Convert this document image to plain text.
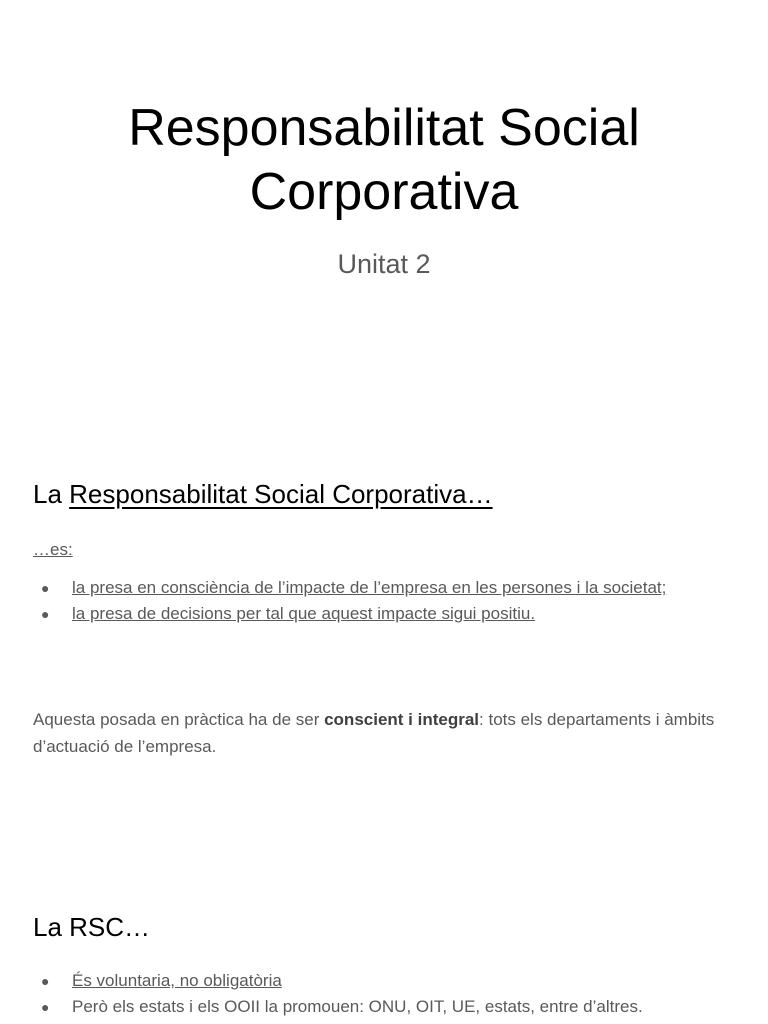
Responsabilitat Social
Corporativa
Unitat 2
La Responsabilitat Social Corporativa…
…es:
● la presa en consciència de l’impacte de l’empresa en les persones i la societat;
● la presa de decisions per tal que aquest impacte sigui positiu.
Aquesta posada en pràctica ha de ser conscient i integral: tots els departaments i àmbits d’actuació de l’empresa.
La RSC…
● És voluntaria, no obligatòria
● Però els estats i els OOII la promouen: ONU, OIT, UE, estats, entre d’altres.
